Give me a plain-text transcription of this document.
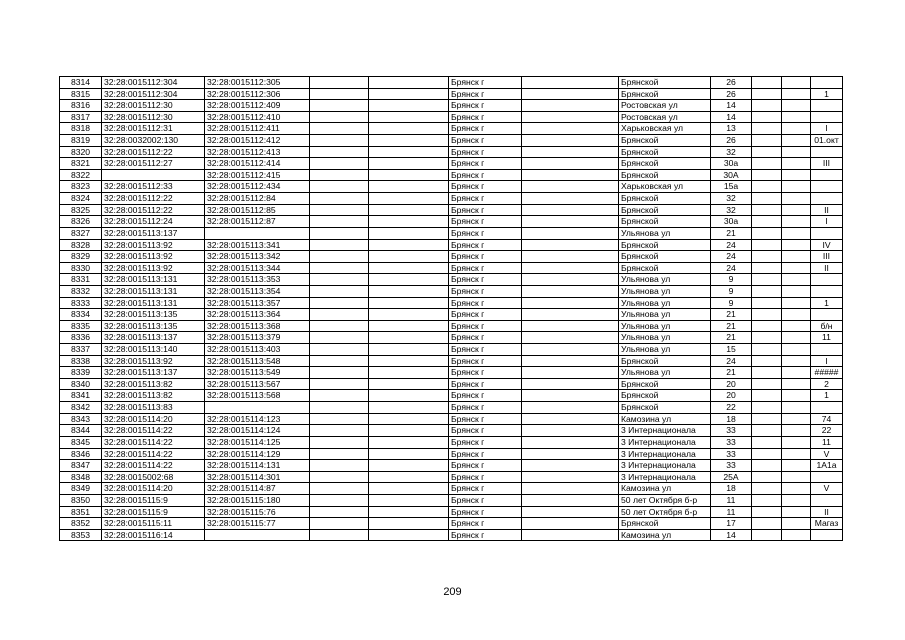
8314	32:28:0015112:304	32:28:0015112:305			Брянск г		Брянской	26			
8315	32:28:0015112:304	32:28:0015112:306			Брянск г		Брянской	26			1
8316	32:28:0015112:30	32:28:0015112:409			Брянск г		Ростовская ул	14			
8317	32:28:0015112:30	32:28:0015112:410			Брянск г		Ростовская ул	14			
8318	32:28:0015112:31	32:28:0015112:411			Брянск г		Харьковская ул	13			I
8319	32:28:0032002:130	32:28:0015112:412			Брянск г		Брянской	26			01.окт
8320	32:28:0015112:22	32:28:0015112:413			Брянск г		Брянской	32			
8321	32:28:0015112:27	32:28:0015112:414			Брянск г		Брянской	30а			III
8322		32:28:0015112:415			Брянск г		Брянской	30А			
8323	32:28:0015112:33	32:28:0015112:434			Брянск г		Харьковская ул	15а			
8324	32:28:0015112:22	32:28:0015112:84			Брянск г		Брянской	32			
8325	32:28:0015112:22	32:28:0015112:85			Брянск г		Брянской	32			II
8326	32:28:0015112:24	32:28:0015112:87			Брянск г		Брянской	30а			I
8327	32:28:0015113:137				Брянск г		Ульянова ул	21			
8328	32:28:0015113:92	32:28:0015113:341			Брянск г		Брянской	24			IV
8329	32:28:0015113:92	32:28:0015113:342			Брянск г		Брянской	24			III
8330	32:28:0015113:92	32:28:0015113:344			Брянск г		Брянской	24			II
8331	32:28:0015113:131	32:28:0015113:353			Брянск г		Ульянова ул	9			
8332	32:28:0015113:131	32:28:0015113:354			Брянск г		Ульянова ул	9			
8333	32:28:0015113:131	32:28:0015113:357			Брянск г		Ульянова ул	9			1
8334	32:28:0015113:135	32:28:0015113:364			Брянск г		Ульянова ул	21			
8335	32:28:0015113:135	32:28:0015113:368			Брянск г		Ульянова ул	21			б/н
8336	32:28:0015113:137	32:28:0015113:379			Брянск г		Ульянова ул	21			11
8337	32:28:0015113:140	32:28:0015113:403			Брянск г		Ульянова ул	15			
8338	32:28:0015113:92	32:28:0015113:548			Брянск г		Брянской	24			I
8339	32:28:0015113:137	32:28:0015113:549			Брянск г		Ульянова ул	21			#####
8340	32:28:0015113:82	32:28:0015113:567			Брянск г		Брянской	20			2
8341	32:28:0015113:82	32:28:0015113:568			Брянск г		Брянской	20			1
8342	32:28:0015113:83				Брянск г		Брянской	22			
8343	32:28:0015114:20	32:28:0015114:123			Брянск г		Камозина ул	18			74
8344	32:28:0015114:22	32:28:0015114:124			Брянск г		3 Интернационала	33			22
8345	32:28:0015114:22	32:28:0015114:125			Брянск г		3 Интернационала	33			11
8346	32:28:0015114:22	32:28:0015114:129			Брянск г		3 Интернационала	33			V
8347	32:28:0015114:22	32:28:0015114:131			Брянск г		3 Интернационала	33			1А1а
8348	32:28:0015002:68	32:28:0015114:301			Брянск г		3 Интернационала	25А			
8349	32:28:0015114:20	32:28:0015114:87			Брянск г		Камозина ул	18			V
8350	32:28:0015115:9	32:28:0015115:180			Брянск г		50 лет Октября б-р	11			
8351	32:28:0015115:9	32:28:0015115:76			Брянск г		50 лет Октября б-р	11			II
8352	32:28:0015115:11	32:28:0015115:77			Брянск г		Брянской	17			Магаз
8353	32:28:0015116:14				Брянск г		Камозина ул	14			
209
